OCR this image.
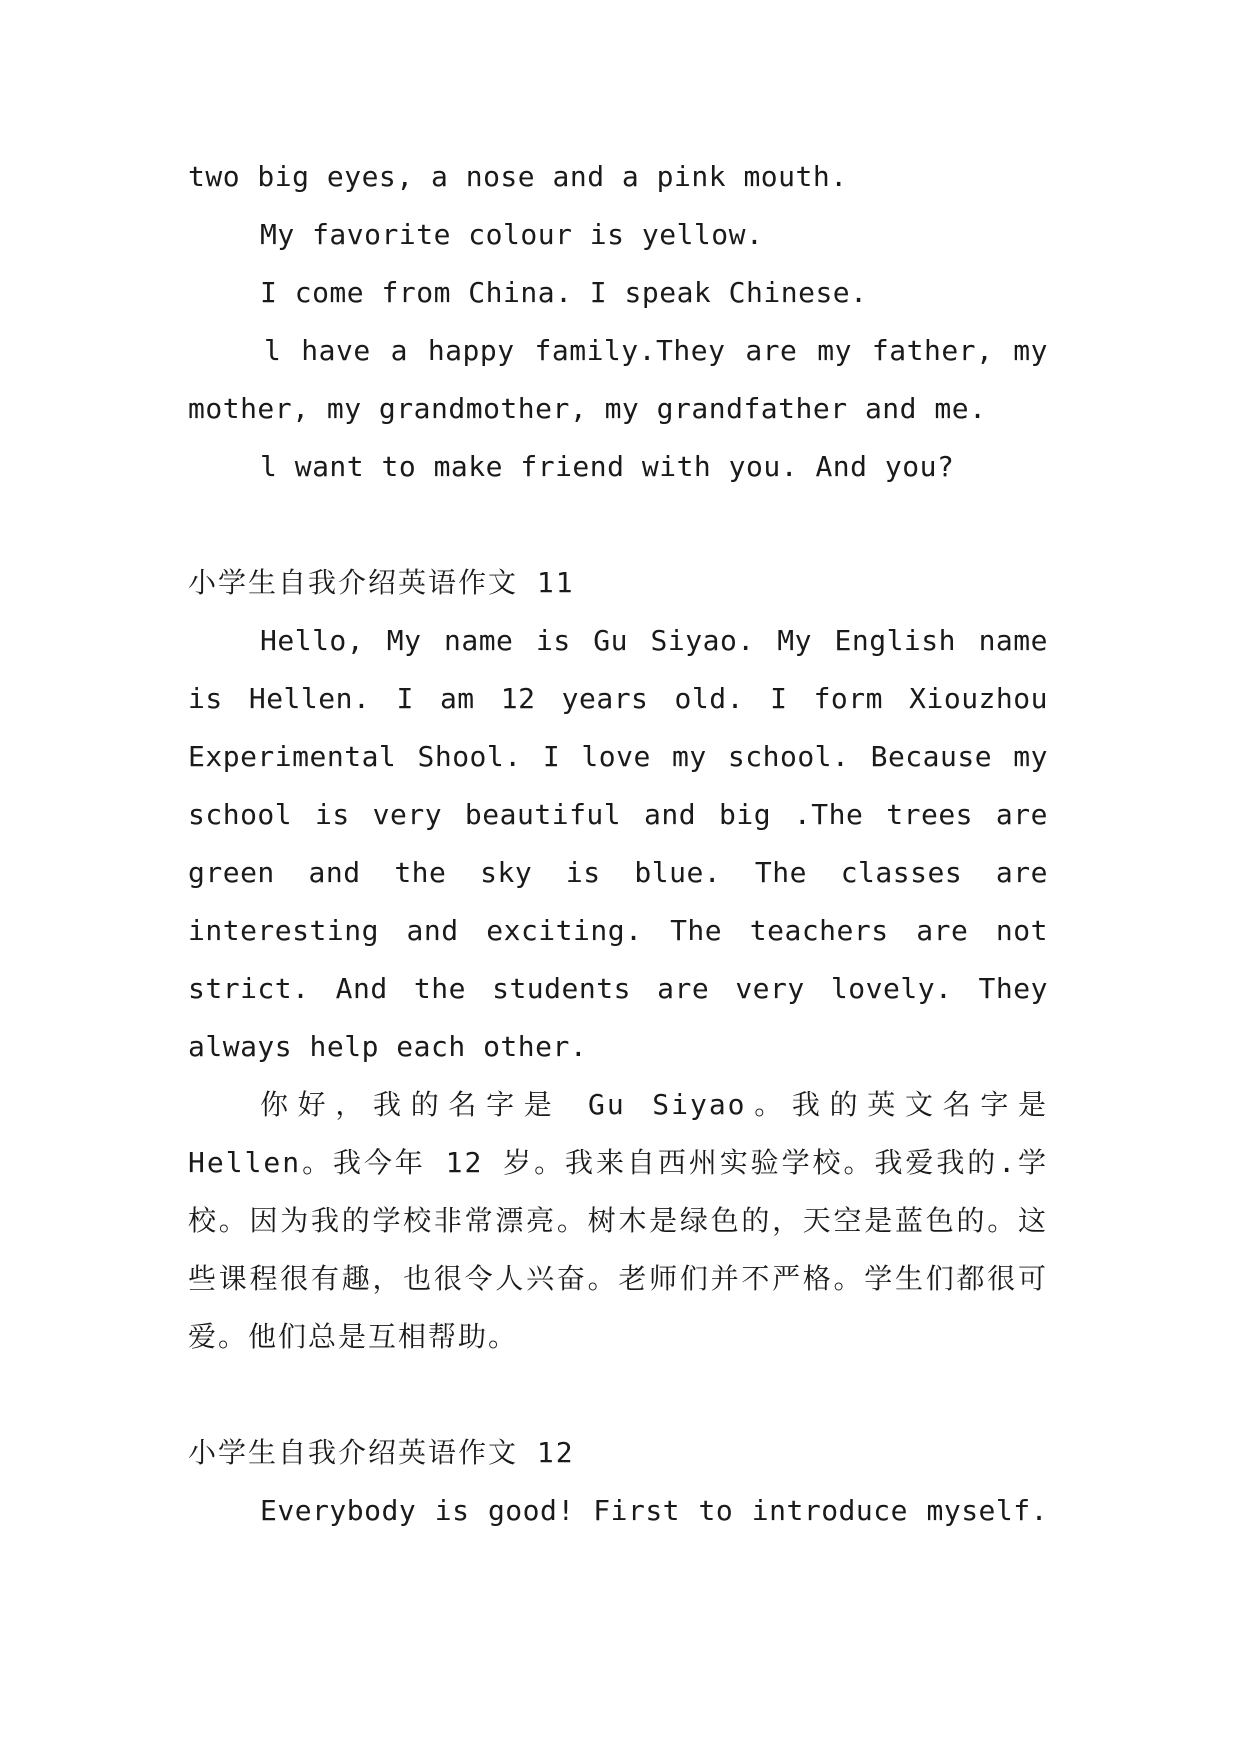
two big eyes, a nose and a pink mouth.

My favorite colour is yellow.

I come from China. I speak Chinese.

l have a happy family.They are my father, my mother, my grandmother, my grandfather and me.

l want to make friend with you. And you?

小学生自我介绍英语作文 11

Hello, My name is Gu Siyao. My English name is Hellen. I am 12 years old. I form Xiouzhou Experimental Shool. I love my school. Because my school is very beautiful and big .The trees are green and the sky is blue. The classes are interesting and exciting. The teachers are not strict. And the students are very lovely. They always help each other.

你好，我的名字是 Gu Siyao。我的英文名字是 Hellen。我今年 12 岁。我来自西州实验学校。我爱我的.学校。因为我的学校非常漂亮。树木是绿色的，天空是蓝色的。这些课程很有趣，也很令人兴奋。老师们并不严格。学生们都很可爱。他们总是互相帮助。

小学生自我介绍英语作文 12

Everybody is good! First to introduce myself.
